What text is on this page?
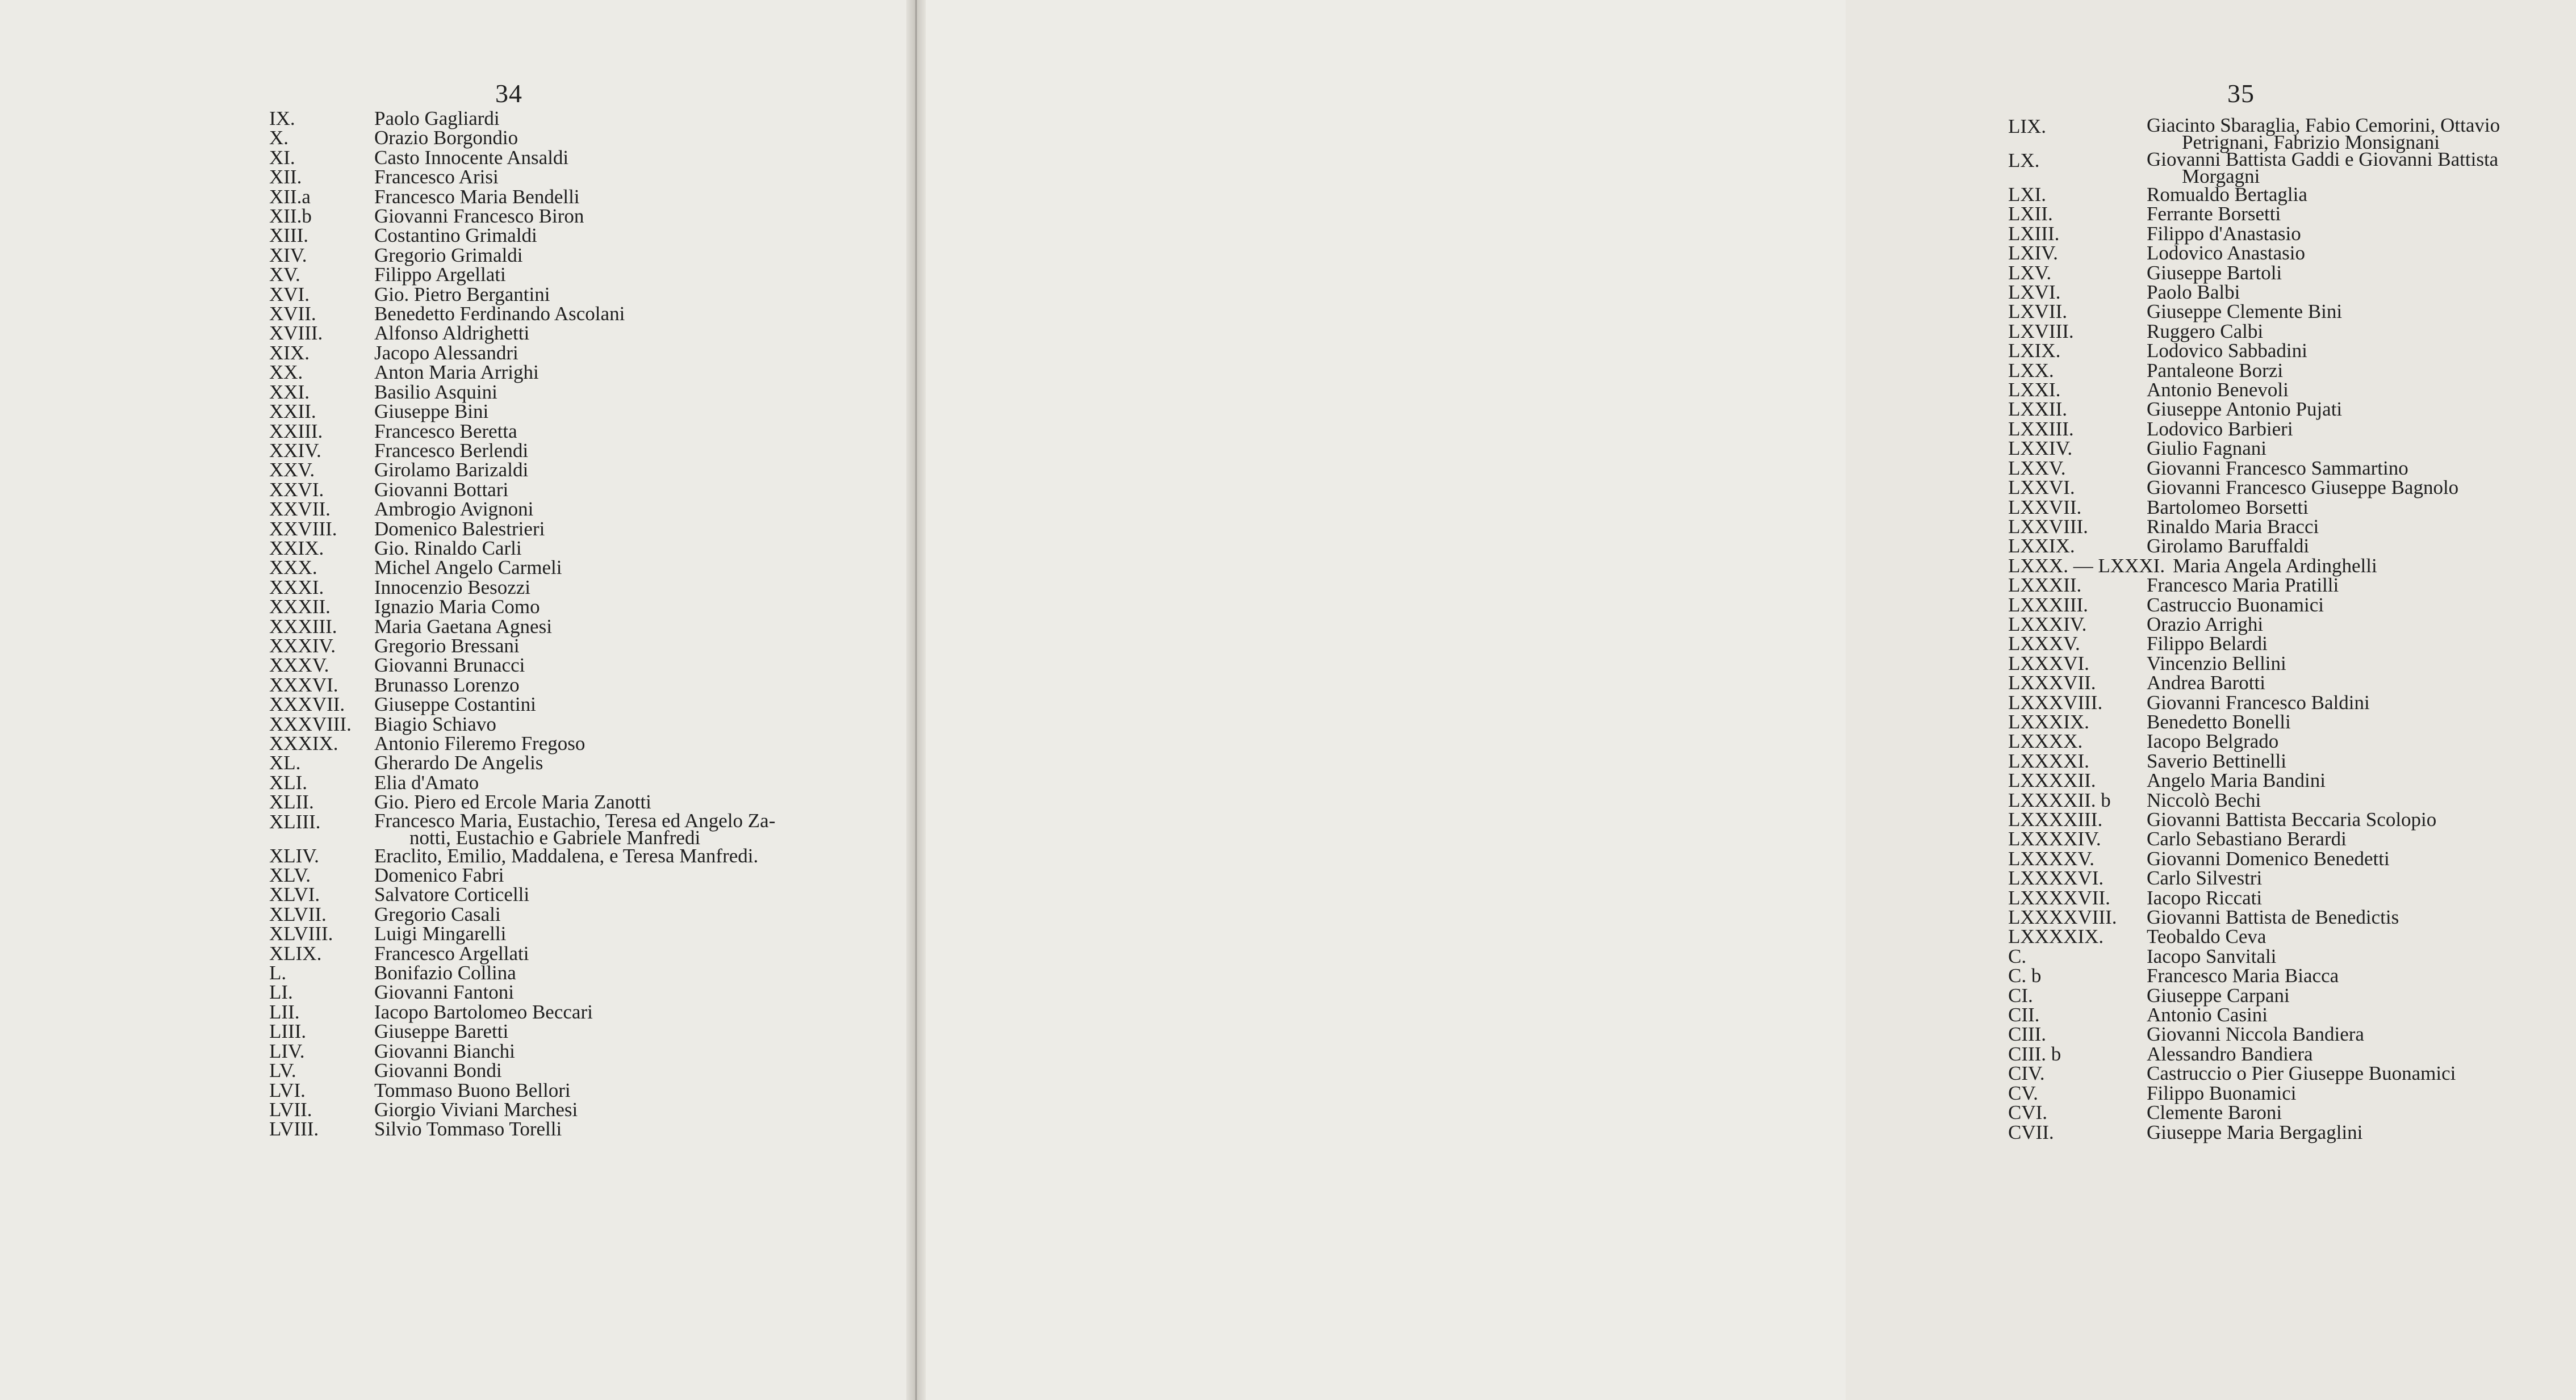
34
IX.	Paolo Gagliardi
X.	Orazio Borgondio
XI.	Casto Innocente Ansaldi
XII.	Francesco Arisi
XII.a	Francesco Maria Bendelli
XII.b	Giovanni Francesco Biron
XIII.	Costantino Grimaldi
XIV.	Gregorio Grimaldi
XV.	Filippo Argellati
XVI.	Gio. Pietro Bergantini
XVII.	Benedetto Ferdinando Ascolani
XVIII.	Alfonso Aldrighetti
XIX.	Jacopo Alessandri
XX.	Anton Maria Arrighi
XXI.	Basilio Asquini
XXII.	Giuseppe Bini
XXIII.	Francesco Beretta
XXIV.	Francesco Berlendi
XXV.	Girolamo Barizaldi
XXVI.	Giovanni Bottari
XXVII.	Ambrogio Avignoni
XXVIII.	Domenico Balestrieri
XXIX.	Gio. Rinaldo Carli
XXX.	Michel Angelo Carmeli
XXXI.	Innocenzio Besozzi
XXXII.	Ignazio Maria Como
XXXIII.	Maria Gaetana Agnesi
XXXIV.	Gregorio Bressani
XXXV.	Giovanni Brunacci
XXXVI.	Brunasso Lorenzo
XXXVII.	Giuseppe Costantini
XXXVIII.	Biagio Schiavo
XXXIX.	Antonio Fileremo Fregoso
XL.	Gherardo De Angelis
XLI.	Elia d'Amato
XLII.	Gio. Piero ed Ercole Maria Zanotti
XLIII.	Francesco Maria, Eustachio, Teresa ed Angelo Za-
notti, Eustachio e Gabriele Manfredi
XLIV.	Eraclito, Emilio, Maddalena, e Teresa Manfredi.
XLV.	Domenico Fabri
XLVI.	Salvatore Corticelli
XLVII.	Gregorio Casali
XLVIII.	Luigi Mingarelli
XLIX.	Francesco Argellati
L.	Bonifazio Collina
LI.	Giovanni Fantoni
LII.	Iacopo Bartolomeo Beccari
LIII.	Giuseppe Baretti
LIV.	Giovanni Bianchi
LV.	Giovanni Bondi
LVI.	Tommaso Buono Bellori
LVII.	Giorgio Viviani Marchesi
LVIII.	Silvio Tommaso Torelli
35
LIX.	Giacinto Sbaraglia, Fabio Cemorini, Ottavio
Petrignani, Fabrizio Monsignani
LX.	Giovanni Battista Gaddi e Giovanni Battista
Morgagni
LXI.	Romualdo Bertaglia
LXII.	Ferrante Borsetti
LXIII.	Filippo d'Anastasio
LXIV.	Lodovico Anastasio
LXV.	Giuseppe Bartoli
LXVI.	Paolo Balbi
LXVII.	Giuseppe Clemente Bini
LXVIII.	Ruggero Calbi
LXIX.	Lodovico Sabbadini
LXX.	Pantaleone Borzi
LXXI.	Antonio Benevoli
LXXII.	Giuseppe Antonio Pujati
LXXIII.	Lodovico Barbieri
LXXIV.	Giulio Fagnani
LXXV.	Giovanni Francesco Sammartino
LXXVI.	Giovanni Francesco Giuseppe Bagnolo
LXXVII.	Bartolomeo Borsetti
LXXVIII.	Rinaldo Maria Bracci
LXXIX.	Girolamo Baruffaldi
LXXX. — LXXXI. Maria Angela Ardinghelli
LXXXII.	Francesco Maria Pratilli
LXXXIII.	Castruccio Buonamici
LXXXIV.	Orazio Arrighi
LXXXV.	Filippo Belardi
LXXXVI.	Vincenzio Bellini
LXXXVII.	Andrea Barotti
LXXXVIII.	Giovanni Francesco Baldini
LXXXIX.	Benedetto Bonelli
LXXXX.	Iacopo Belgrado
LXXXXI.	Saverio Bettinelli
LXXXXII.	Angelo Maria Bandini
LXXXXII. b	Niccolò Bechi
LXXXXIII.	Giovanni Battista Beccaria Scolopio
LXXXXIV.	Carlo Sebastiano Berardi
LXXXXV.	Giovanni Domenico Benedetti
LXXXXVI.	Carlo Silvestri
LXXXXVII.	Iacopo Riccati
LXXXXVIII.	Giovanni Battista de Benedictis
LXXXXIX.	Teobaldo Ceva
C.	Iacopo Sanvitali
C. b	Francesco Maria Biacca
CI.	Giuseppe Carpani
CII.	Antonio Casini
CIII.	Giovanni Niccola Bandiera
CIII. b	Alessandro Bandiera
CIV.	Castruccio o Pier Giuseppe Buonamici
CV.	Filippo Buonamici
CVI.	Clemente Baroni
CVII.	Giuseppe Maria Bergaglini
